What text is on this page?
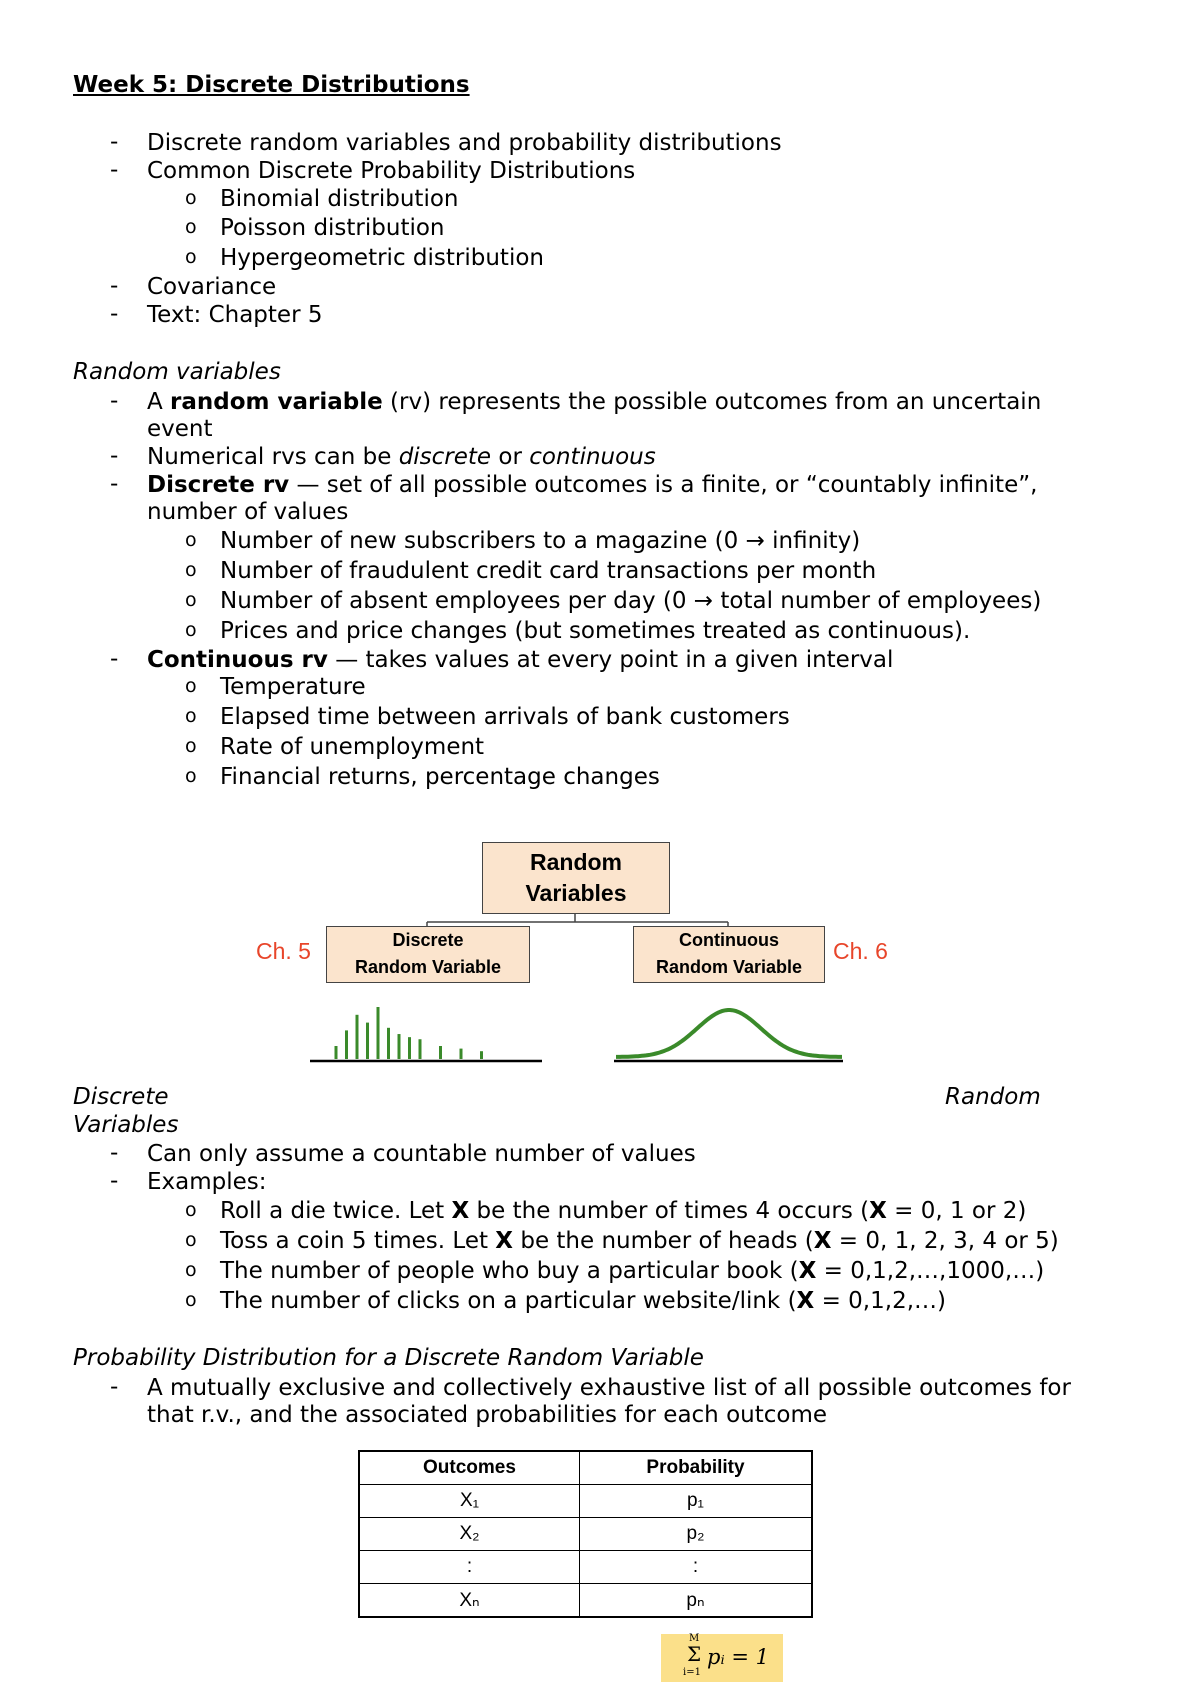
Week 5: Discrete Distributions
- Discrete random variables and probability distributions
- Common Discrete Probability Distributions
o Binomial distribution
o Poisson distribution
o Hypergeometric distribution
- Covariance
- Text: Chapter 5
Random variables
- A random variable (rv) represents the possible outcomes from an uncertain
event
- Numerical rvs can be discrete or continuous
- Discrete rv — set of all possible outcomes is a finite, or “countably infinite”,
number of values
o Number of new subscribers to a magazine (0 → infinity)
o Number of fraudulent credit card transactions per month
o Number of absent employees per day (0 → total number of employees)
o Prices and price changes (but sometimes treated as continuous).
- Continuous rv — takes values at every point in a given interval
o Temperature
o Elapsed time between arrivals of bank customers
o Rate of unemployment
o Financial returns, percentage changes
Random
Variables
Discrete
Random Variable
Continuous
Random Variable
Ch. 5	Ch. 6
Discrete	Random
Variables
- Can only assume a countable number of values
- Examples:
o Roll a die twice. Let X be the number of times 4 occurs (X = 0, 1 or 2)
o Toss a coin 5 times. Let X be the number of heads (X = 0, 1, 2, 3, 4 or 5)
o The number of people who buy a particular book (X = 0,1,2,…,1000,…)
o The number of clicks on a particular website/link (X = 0,1,2,…)
Probability Distribution for a Discrete Random Variable
- A mutually exclusive and collectively exhaustive list of all possible outcomes for
that r.v., and the associated probabilities for each outcome
Outcomes	Probability
X₁	p₁
X₂	p₂
:	:
Xₙ	pₙ
M
Σ
i=1
pᵢ = 1
